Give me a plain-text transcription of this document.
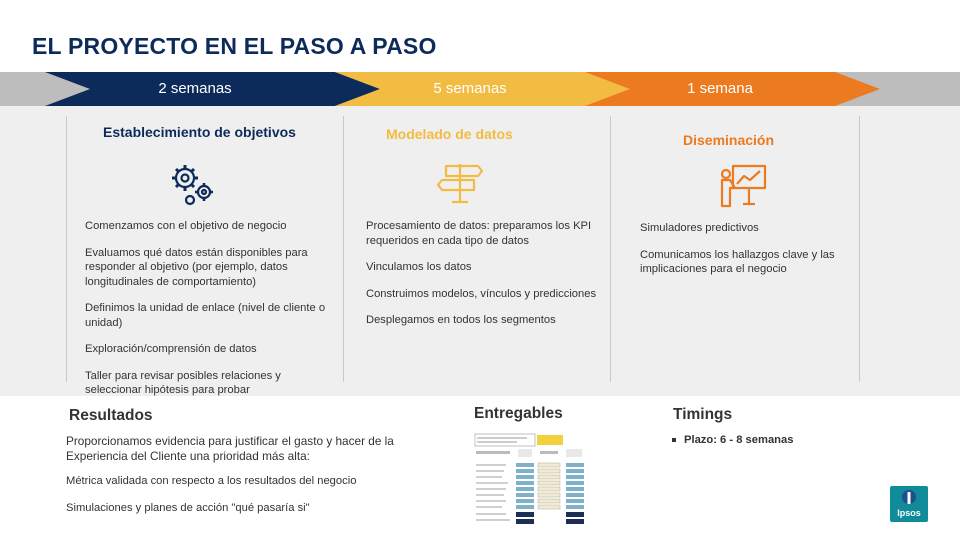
EL PROYECTO EN EL PASO A PASO
2 semanas	5 semanas	1 semana
Establecimiento de objetivos

Comenzamos con el objetivo de negocio

Evaluamos qué datos están disponibles para responder al objetivo (por ejemplo, datos longitudinales de comportamiento)

Definimos la unidad de enlace (nivel de cliente o unidad)

Exploración/comprensión de datos

Taller para revisar posibles relaciones y seleccionar hipótesis para probar

Modelado de datos

Procesamiento de datos: preparamos los KPI requeridos en cada tipo de datos

Vinculamos los datos

Construimos modelos, vínculos y predicciones

Desplegamos en todos los segmentos

Diseminación

Simuladores predictivos

Comunicamos los hallazgos clave y las implicaciones para el negocio

Resultados
Proporcionamos evidencia para justificar el gasto y hacer de la Experiencia del Cliente una prioridad más alta:
Métrica validada con respecto a los resultados del negocio
Simulaciones y planes de acción "qué pasaría si"
Entregables	Timings
Plazo: 6 - 8 semanas
Ipsos
